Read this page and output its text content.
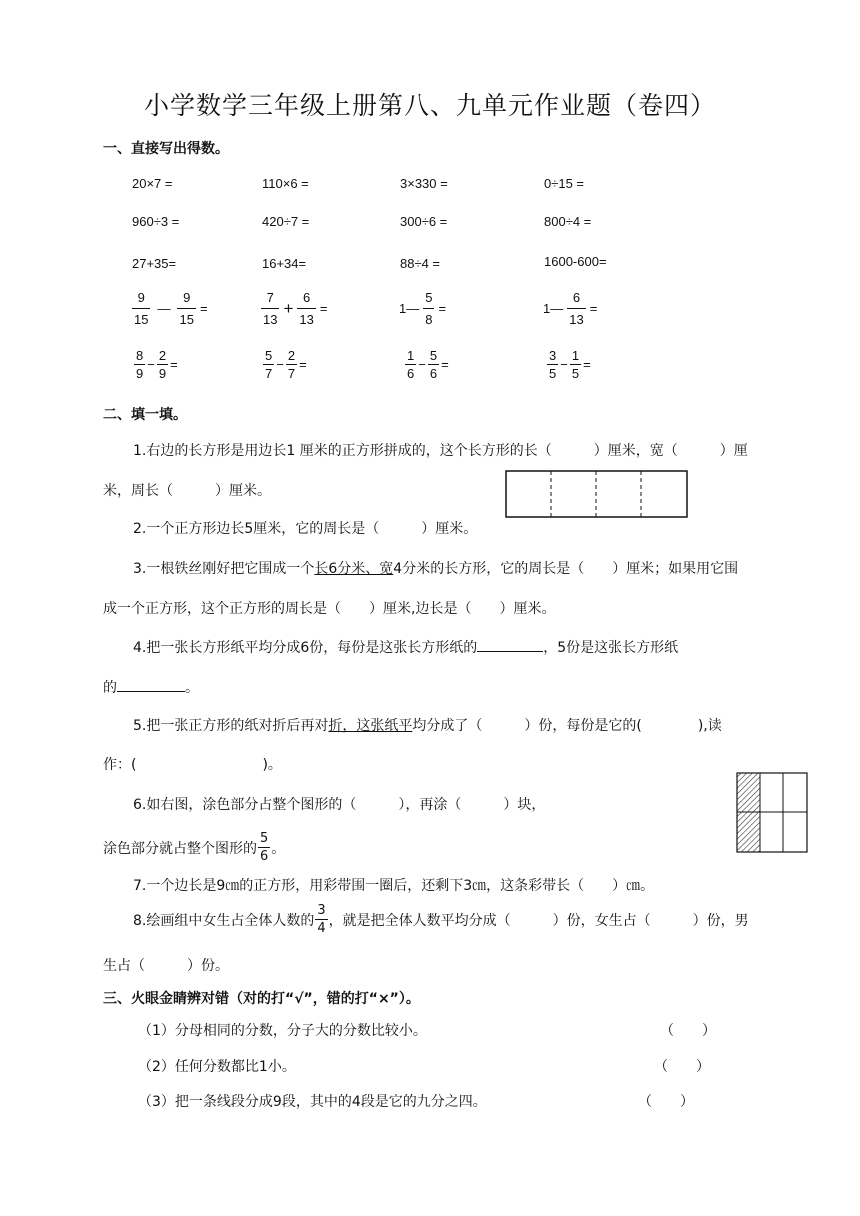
小学数学三年级上册第八、九单元作业题（卷四）
一、直接写出得数。
20×7 =	110×6 =	3×330 =	0÷15 =
960÷3 =	420÷7 =	300÷6 =	800÷4 =
27+35=	16+34=	88÷4 =	1600-600=
$\frac{9}{15}$ — $\frac{9}{15}$ =	$\frac{7}{13} + \frac{6}{13}$ =	1— $\frac{5}{8}$ =	1— $\frac{6}{13}$ =
$\frac{8}{9} - \frac{2}{9}$ =	$\frac{5}{7} - \frac{2}{7}$ =	$\frac{1}{6} - \frac{5}{6}$ =	$\frac{3}{5} - \frac{1}{5}$ =
二、填一填。
1.右边的长方形是用边长1 厘米的正方形拼成的，这个长方形的长（　　　）厘米，宽（　　　）厘
米，周长（　　　）厘米。
2.一个正方形边长5厘米，它的周长是（　　　）厘米。
3.一根铁丝刚好把它围成一个长6分米、宽4分米的长方形，它的周长是（　　）厘米；如果用它围
成一个正方形，这个正方形的周长是（　　）厘米,边长是（　　）厘米。
4.把一张长方形纸平均分成6份，每份是这张长方形纸的	，5份是这张长方形纸
的	。
5.把一张正方形的纸对折后再对折，这张纸平均分成了（　　　）份，每份是它的(　　　　),读
作：(　　　　　　　　　)。
6.如右图，涂色部分占整个图形的（　　　），再涂（　　　）块，
涂色部分就占整个图形的 $\frac{5}{6}$ 。
7.一个边长是9㎝的正方形，用彩带围一圈后，还剩下3㎝，这条彩带长（　　）㎝。
8.绘画组中女生占全体人数的 $\frac{3}{4}$ ，就是把全体人数平均分成（　　　）份，女生占（　　　）份，男
生占（　　　）份。
三、火眼金睛辨对错（对的打“√”，错的打“×”）。
（1）分母相同的分数，分子大的分数比较小。	（　　）
（2）任何分数都比1小。	（　　）
（3）把一条线段分成9段，其中的4段是它的九分之四。	（　　）
